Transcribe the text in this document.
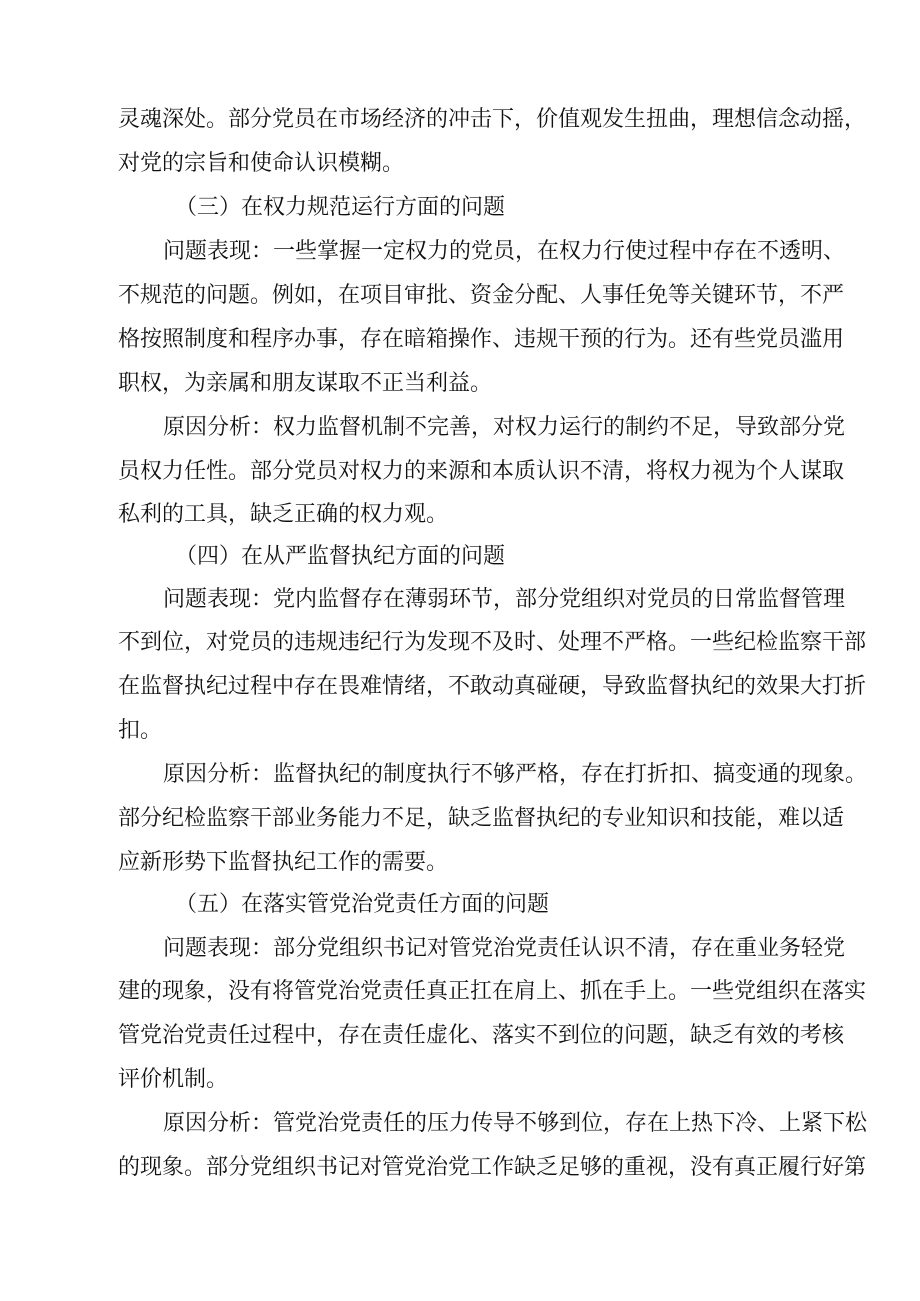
灵魂深处。部分党员在市场经济的冲击下，价值观发生扭曲，理想信念动摇，
对党的宗旨和使命认识模糊。
（三）在权力规范运行方面的问题
问题表现：一些掌握一定权力的党员，在权力行使过程中存在不透明、
不规范的问题。例如，在项目审批、资金分配、人事任免等关键环节，不严
格按照制度和程序办事，存在暗箱操作、违规干预的行为。还有些党员滥用
职权，为亲属和朋友谋取不正当利益。
原因分析：权力监督机制不完善，对权力运行的制约不足，导致部分党
员权力任性。部分党员对权力的来源和本质认识不清，将权力视为个人谋取
私利的工具，缺乏正确的权力观。
（四）在从严监督执纪方面的问题
问题表现：党内监督存在薄弱环节，部分党组织对党员的日常监督管理
不到位，对党员的违规违纪行为发现不及时、处理不严格。一些纪检监察干部
在监督执纪过程中存在畏难情绪，不敢动真碰硬，导致监督执纪的效果大打折
扣。
原因分析：监督执纪的制度执行不够严格，存在打折扣、搞变通的现象。
部分纪检监察干部业务能力不足，缺乏监督执纪的专业知识和技能，难以适
应新形势下监督执纪工作的需要。
（五）在落实管党治党责任方面的问题
问题表现：部分党组织书记对管党治党责任认识不清，存在重业务轻党
建的现象，没有将管党治党责任真正扛在肩上、抓在手上。一些党组织在落实
管党治党责任过程中，存在责任虚化、落实不到位的问题，缺乏有效的考核
评价机制。
原因分析：管党治党责任的压力传导不够到位，存在上热下冷、上紧下松
的现象。部分党组织书记对管党治党工作缺乏足够的重视，没有真正履行好第
